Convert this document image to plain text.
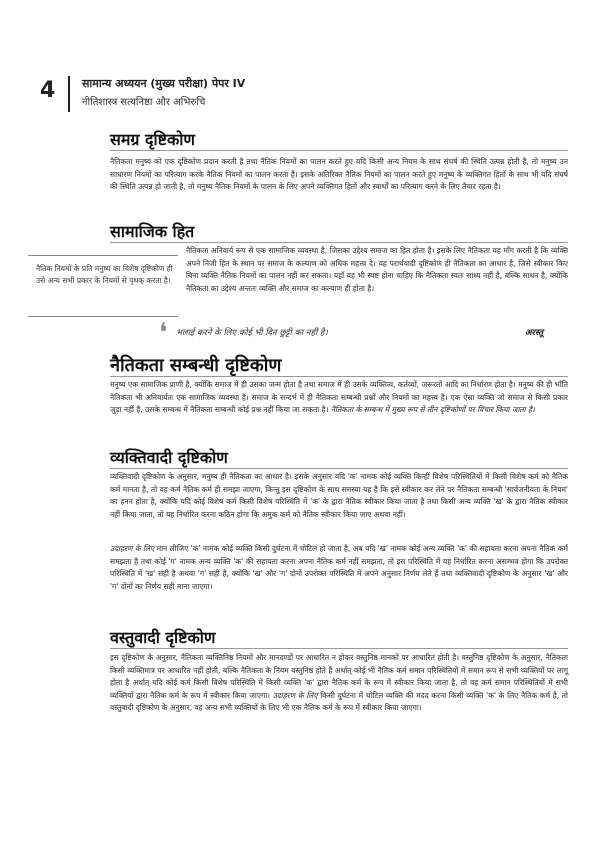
4 सामान्य अध्ययन (मुख्य परीक्षा) पेपर IV
नीतिशास्त्र सत्यनिष्ठा और अभिरुचि
समग्र दृष्टिकोण
नैतिकता मनुष्य को एक दृष्टिकोण प्रदान करती है तथा नैतिक नियमों का पालन करते हुए यदि किसी अन्य नियम के साथ संघर्ष की स्थिति उत्पन्न होती है, तो मनुष्य उन साधारण नियमों का परित्याग करके नैतिक नियमों का पालन करता है। इसके अतिरिक्त नैतिक नियमों का पालन करते हुए मनुष्य के व्यक्तिगत हितों के साथ भी यदि संघर्ष की स्थिति उत्पन्न हो जाती है, तो मनुष्य नैतिक नियमों के पालन के लिए अपने व्यक्तिगत हितों और स्वार्थों का परित्याग करने के लिए तैयार रहता है।
सामाजिक हित
नैतिकता अनिवार्य रूप से एक सामाजिक व्यवस्था है, जिसका उद्देश्य समाज का हित होता है। इसके लिए नैतिकता यह माँग करती है कि व्यक्ति अपने निजी हित के स्थान पर समाज के कल्याण को अधिक महत्त्व दे। यह परार्थवादी दृष्टिकोण ही नैतिकता का आधार है, जिसे स्वीकार किए बिना व्यक्ति नैतिक नियमों का पालन नहीं कर सकता। यहाँ यह भी स्पष्ट होना चाहिए कि नैतिकता स्वतः साध्य नहीं है, बल्कि साधन है, क्योंकि नैतिकता का उद्देश्य अन्ततः व्यक्ति और समाज का कल्याण ही होता है।
नैतिक नियमों के प्रति मनुष्य का विशेष दृष्टिकोण ही उसे अन्य सभी प्रकार के नियमों से पृथक् करता है।
❛ भलाई करने के लिए कोई भी दिन छुट्टी का नहीं है।	अरस्तू
नैतिकता सम्बन्धी दृष्टिकोण
मनुष्य एक सामाजिक प्राणी है, क्योंकि समाज में ही उसका जन्म होता है तथा समाज में ही उसके व्यक्तित्व, कर्तव्यों, जरूरतों आदि का निर्धारण होता है। मनुष्य की ही भाँति नैतिकता भी अनिवार्यतः एक सामाजिक व्यवस्था है। समाज के सन्दर्भ में ही नैतिकता सम्बन्धी प्रश्नों और नियमों का महत्त्व है। एक ऐसा व्यक्ति जो समाज से किसी प्रकार जुड़ा नहीं है, उसके सम्बन्ध में नैतिकता सम्बन्धी कोई प्रश्न नहीं किया जा सकता है। नैतिकता के सम्बन्ध में मुख्य रूप से तीन दृष्टिकोणों पर विचार किया जाता है।
व्यक्तिवादी दृष्टिकोण
व्यक्तिवादी दृष्टिकोण के अनुसार, मनुष्य ही नैतिकता का आधार है। इसके अनुसार यदि 'क' नामक कोई व्यक्ति किन्हीं विशेष परिस्थितियों में किसी विशेष कर्म को नैतिक कर्म मानता है, तो वह कर्म नैतिक कर्म ही समझा जाएगा, किन्तु इस दृष्टिकोण के साथ समस्या यह है कि इसे स्वीकार कर लेने पर नैतिकता सम्बन्धी 'सार्वजनीयता के नियम' का हनन होता है, क्योंकि यदि कोई विशेष कर्म किसी विशेष परिस्थिति में 'क' के द्वारा नैतिक स्वीकार किया जाता है तथा किसी अन्य व्यक्ति 'ख' के द्वारा नैतिक स्वीकार नहीं किया जाता, तो यह निर्धारित करना कठिन होगा कि अमुक कर्म को नैतिक स्वीकार किया जाए अथवा नहीं।
उदाहरण के लिए मान लीजिए 'क' नामक कोई व्यक्ति किसी दुर्घटना में चोटिल हो जाता है, अब यदि 'ख' नामक कोई अन्य व्यक्ति 'क' की सहायता करना अपना नैतिक कर्म समझता है तथा कोई 'ग' नामक अन्य व्यक्ति 'क' की सहायता करना अपना नैतिक कर्म नहीं समझता, तो इस परिस्थिति में यह निर्धारित करना असम्भव होगा कि उपरोक्त परिस्थिति में 'ख' सही है अथवा 'ग' सही है, क्योंकि 'ख' और 'ग' दोनों उपरोक्त परिस्थिति में अपने अनुसार निर्णय लेते हैं तथा व्यक्तिवादी दृष्टिकोण के अनुसार 'ख' और 'ग' दोनों का निर्णय सही माना जाएगा।
वस्तुवादी दृष्टिकोण
इस दृष्टिकोण के अनुसार, नैतिकता व्यक्तिनिष्ठ नियमों और मानदण्डों पर आधारित न होकर वस्तुनिष्ठ मानकों पर आधारित होती है। वस्तुनिष्ठ दृष्टिकोण के अनुसार, नैतिकता किसी व्यक्तिमात्र पर आधारित नहीं होती, बल्कि नैतिकता के नियम वस्तुनिष्ठ होते हैं अर्थात् कोई भी नैतिक कर्म समान परिस्थितियों में समान रूप से सभी व्यक्तियों पर लागू होता है अर्थात् यदि कोई कर्म किसी विशेष परिस्थिति में किसी व्यक्ति 'क' द्वारा नैतिक कर्म के रूप में स्वीकार किया जाता है, तो वह कर्म समान परिस्थितियों में सभी व्यक्तियों द्वारा नैतिक कर्म के रूप में स्वीकार किया जाएगा। उदाहरण के लिए किसी दुर्घटना में चोटिल व्यक्ति की मदद करना किसी व्यक्ति 'क' के लिए नैतिक कर्म है, तो वस्तुवादी दृष्टिकोण के अनुसार, वह अन्य सभी व्यक्तियों के लिए भी एक नैतिक कर्म के रूप में स्वीकार किया जाएगा।
